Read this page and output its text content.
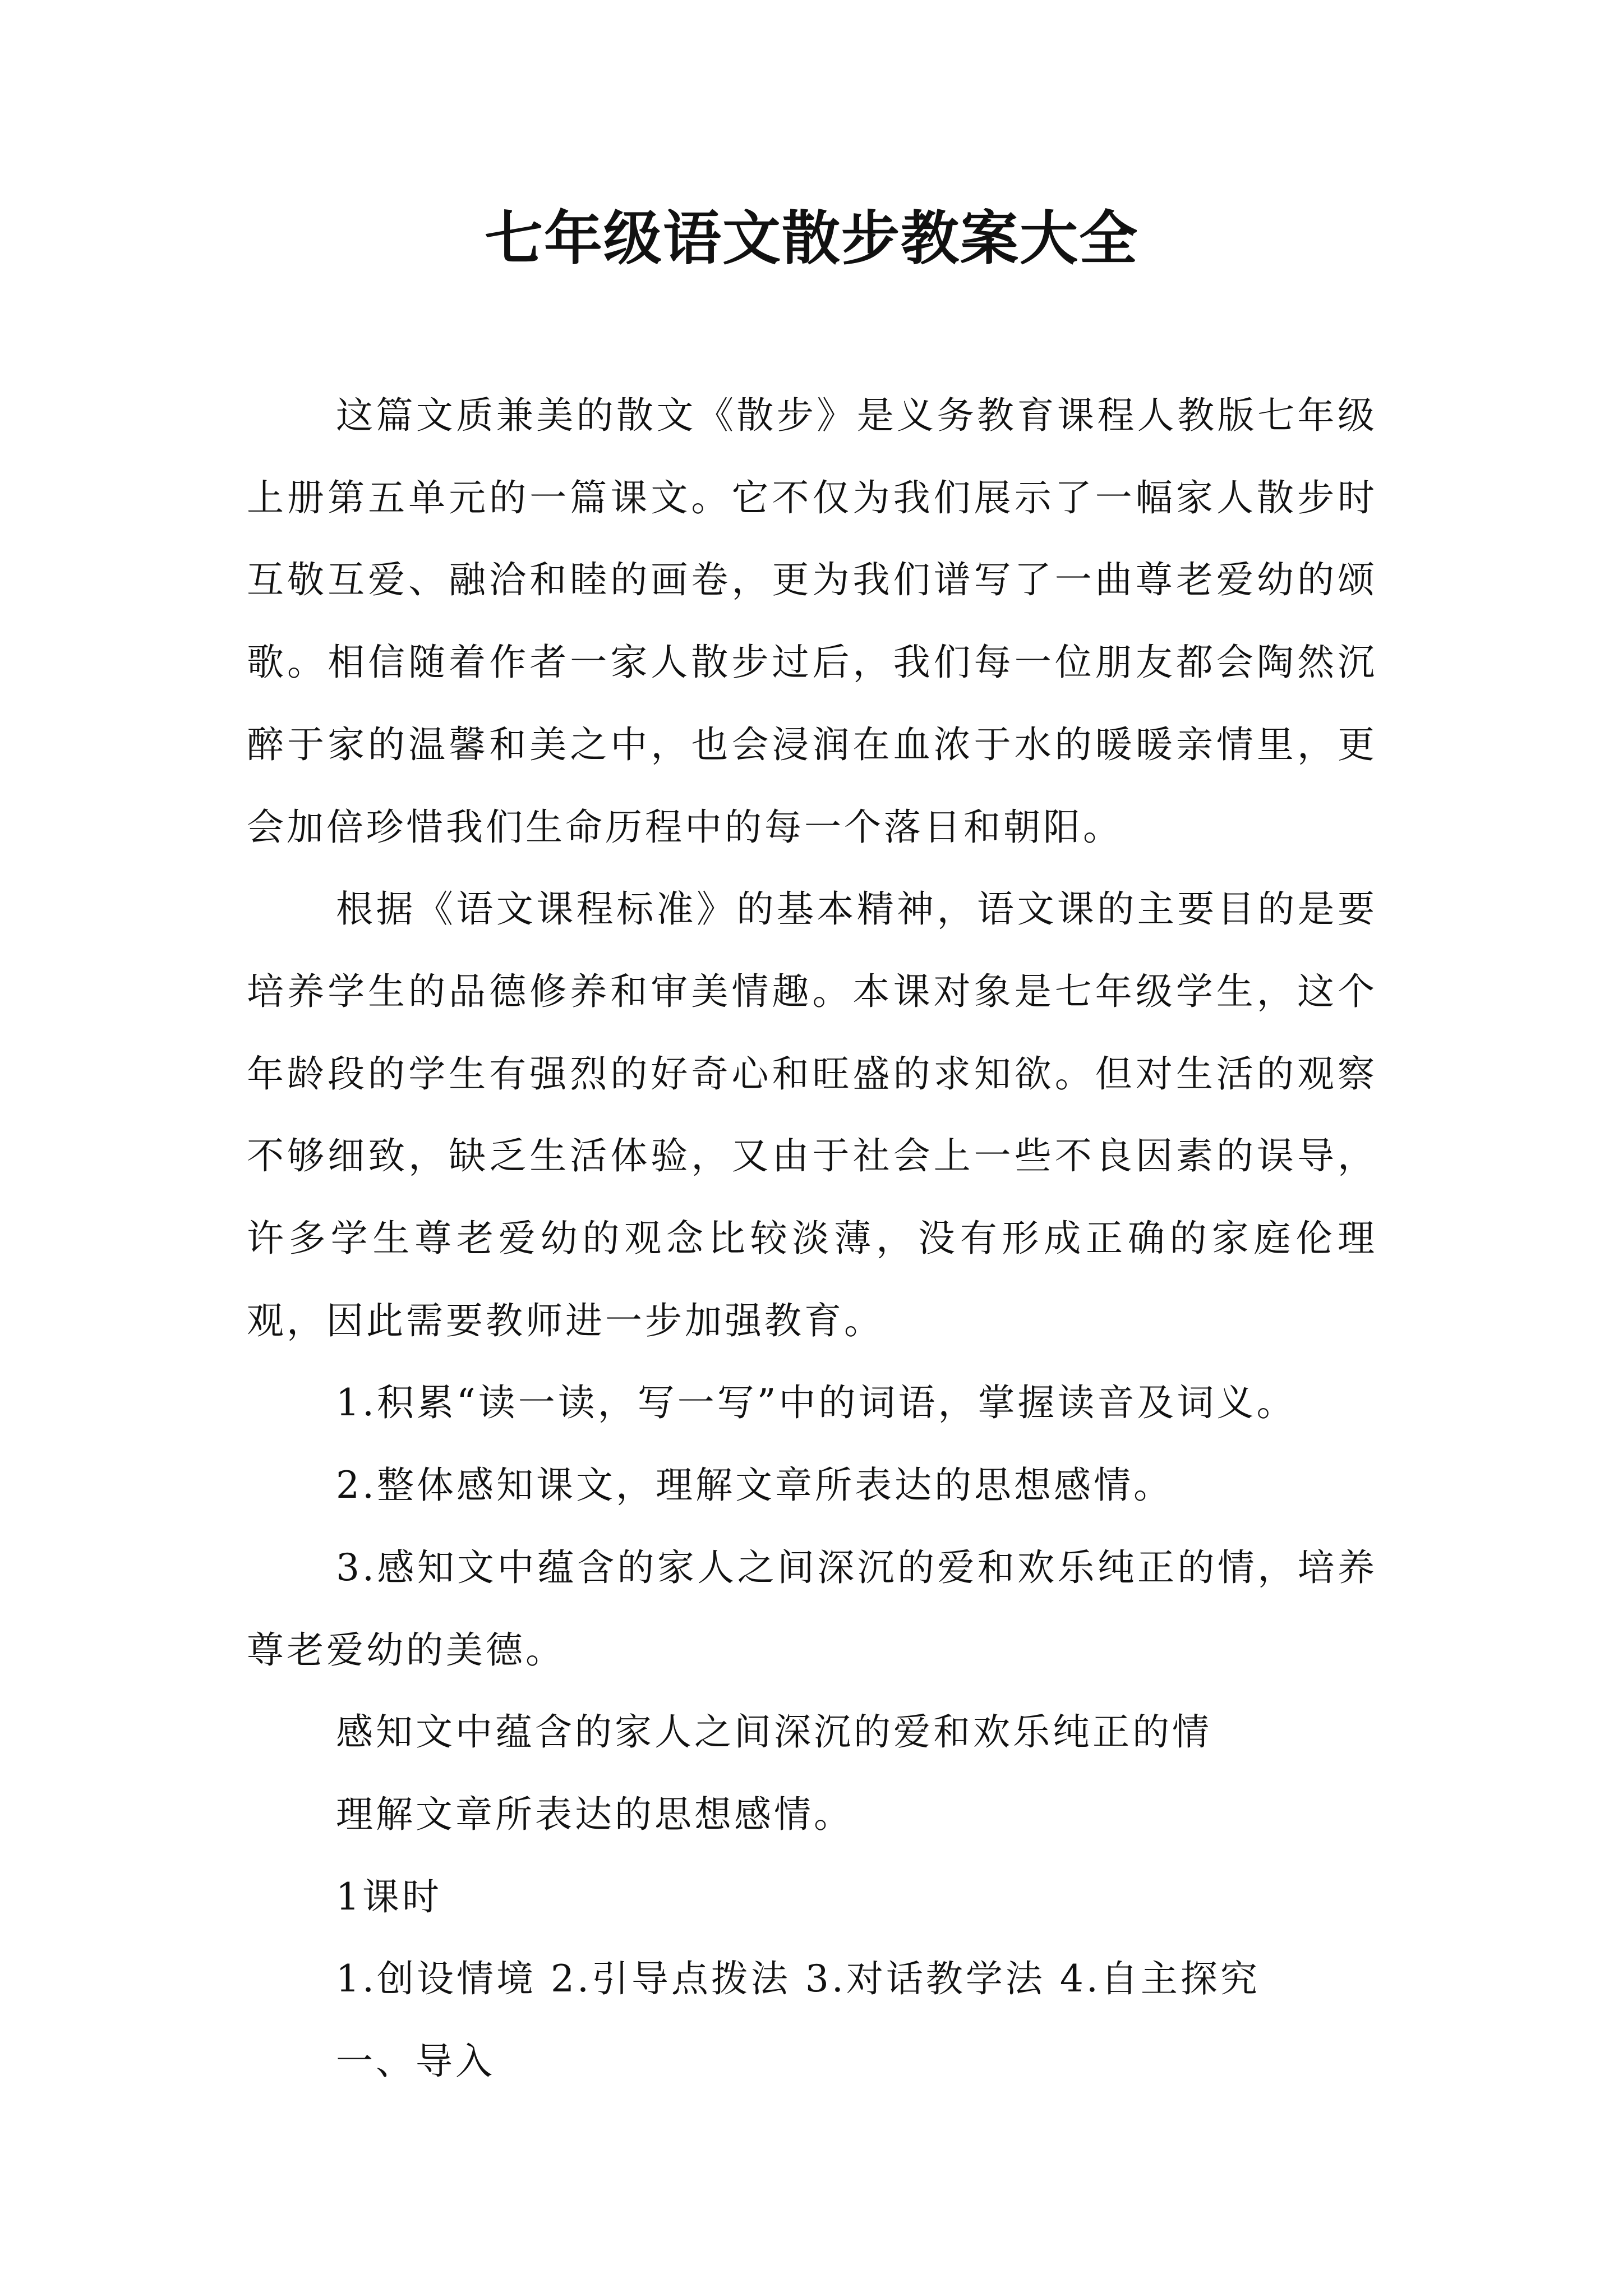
七年级语文散步教案大全

这篇文质兼美的散文《散步》是义务教育课程人教版七年级上册第五单元的一篇课文。它不仅为我们展示了一幅家人散步时互敬互爱、融洽和睦的画卷，更为我们谱写了一曲尊老爱幼的颂歌。相信随着作者一家人散步过后，我们每一位朋友都会陶然沉醉于家的温馨和美之中，也会浸润在血浓于水的暖暖亲情里，更会加倍珍惜我们生命历程中的每一个落日和朝阳。

根据《语文课程标准》的基本精神，语文课的主要目的是要培养学生的品德修养和审美情趣。本课对象是七年级学生，这个年龄段的学生有强烈的好奇心和旺盛的求知欲。但对生活的观察不够细致，缺乏生活体验，又由于社会上一些不良因素的误导，许多学生尊老爱幼的观念比较淡薄，没有形成正确的家庭伦理观，因此需要教师进一步加强教育。

1.积累“读一读，写一写”中的词语，掌握读音及词义。

2.整体感知课文，理解文章所表达的思想感情。

3.感知文中蕴含的家人之间深沉的爱和欢乐纯正的情，培养尊老爱幼的美德。

感知文中蕴含的家人之间深沉的爱和欢乐纯正的情

理解文章所表达的思想感情。

1课时

1.创设情境 2.引导点拨法 3.对话教学法 4.自主探究

一、导入
